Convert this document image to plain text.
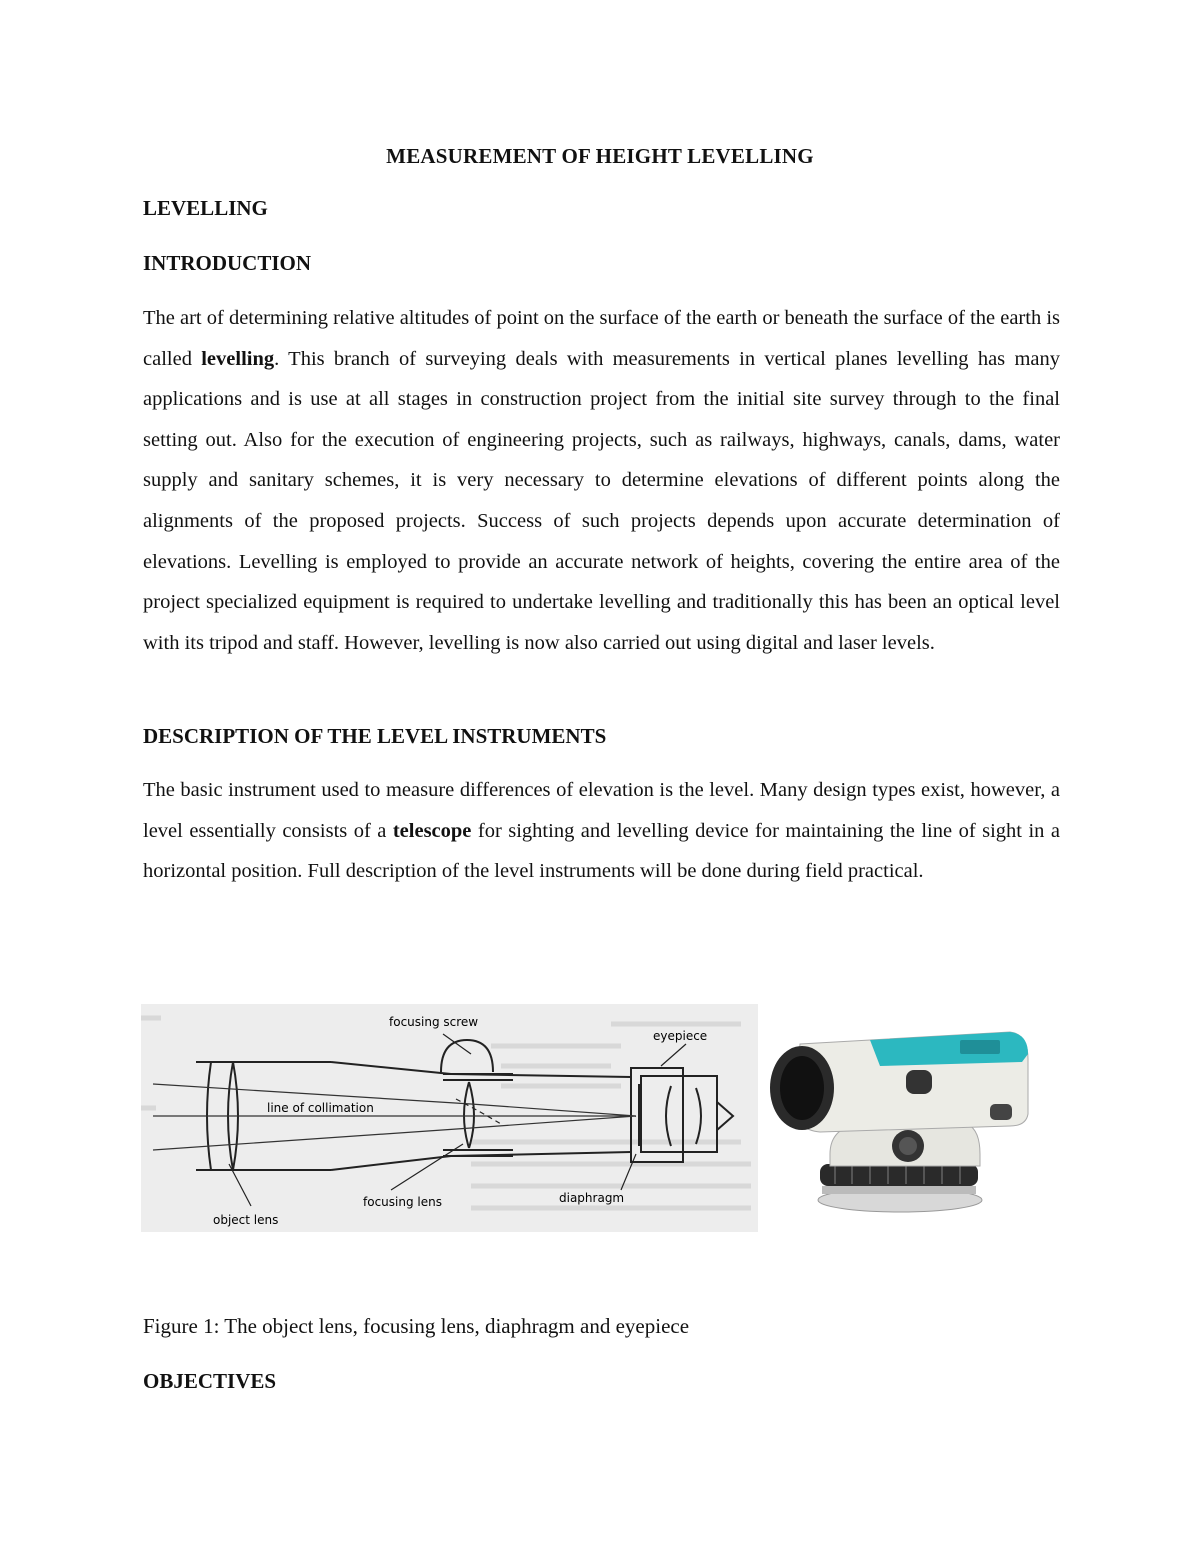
MEASUREMENT OF HEIGHT LEVELLING
LEVELLING
INTRODUCTION

The art of determining relative altitudes of point on the surface of the earth or beneath the surface of the earth is called levelling. This branch of surveying deals with measurements in vertical planes levelling has many applications and is use at all stages in construction project from the initial site survey through to the final setting out. Also for the execution of engineering projects, such as railways, highways, canals, dams, water supply and sanitary schemes, it is very necessary to determine elevations of different points along the alignments of the proposed projects. Success of such projects depends upon accurate determination of elevations. Levelling is employed to provide an accurate network of heights, covering the entire area of the project specialized equipment is required to undertake levelling and traditionally this has been an optical level with its tripod and staff. However, levelling is now also carried out using digital and laser levels.

DESCRIPTION OF THE LEVEL INSTRUMENTS

The basic instrument used to measure differences of elevation is the level. Many design types exist, however, a level essentially consists of a telescope for sighting and levelling device for maintaining the line of sight in a horizontal position. Full description of the level instruments will be done during field practical.

focusing screw
eyepiece
line of collimation
focusing lens	diaphragm
object lens
Figure 1: The object lens, focusing lens, diaphragm and eyepiece
OBJECTIVES
